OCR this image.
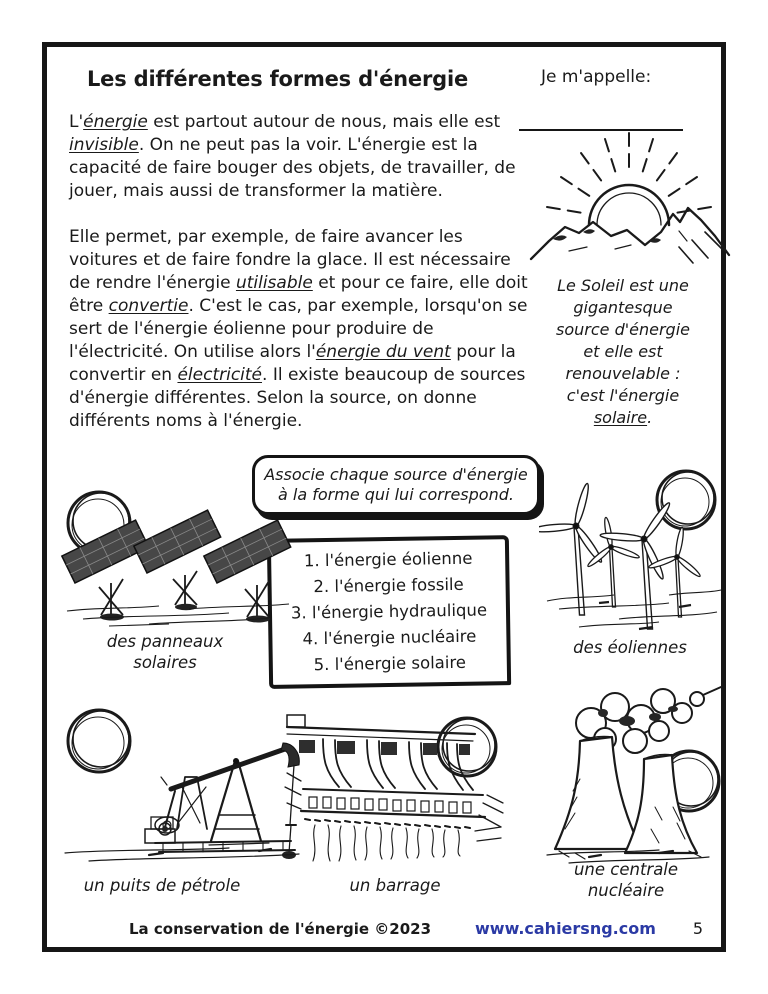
Les différentes formes d'énergie	Je m'appelle:

L'énergie est partout autour de nous, mais elle est invisible. On ne peut pas la voir. L'énergie est la capacité de faire bouger des objets, de travailler, de jouer, mais aussi de transformer la matière.

Elle permet, par exemple, de faire avancer les voitures et de faire fondre la glace. Il est nécessaire de rendre l'énergie utilisable et pour ce faire, elle doit être convertie. C'est le cas, par exemple, lorsqu'on se sert de l'énergie éolienne pour produire de l'électricité. On utilise alors l'énergie du vent pour la convertir en électricité. Il existe beaucoup de sources d'énergie différentes. Selon la source, on donne différents noms à l'énergie.

Le Soleil est une
gigantesque
source d'énergie
et elle est
renouvelable :
c'est l'énergie
solaire.
Associe chaque source d'énergie
à la forme qui lui correspond.
1. l'énergie éolienne
2. l'énergie fossile
3. l'énergie hydraulique
4. l'énergie nucléaire
5. l'énergie solaire
des panneaux solaires
des éoliennes
un puits de pétrole	un barrage
une centrale nucléaire
La conservation de l'énergie ©2023	www.cahiersng.com 5
